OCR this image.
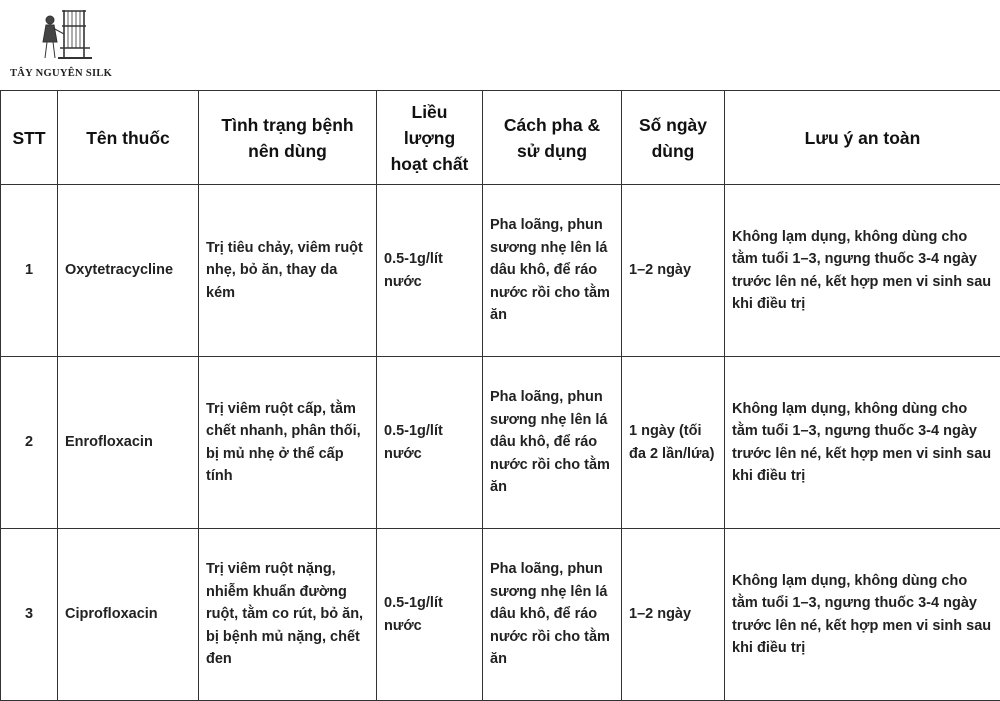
TÂY NGUYÊN SILK
STT	Tên thuốc	Tình trạng bệnh nên dùng	Liều lượng hoạt chất	Cách pha & sử dụng	Số ngày dùng	Lưu ý an toàn
1	Oxytetracycline	Trị tiêu chảy, viêm ruột nhẹ, bỏ ăn, thay da kém	0.5-1g/lít nước	Pha loãng, phun sương nhẹ lên lá dâu khô, để ráo nước rồi cho tằm ăn	1–2 ngày	Không lạm dụng, không dùng cho tằm tuổi 1–3, ngưng thuốc 3-4 ngày trước lên né, kết hợp men vi sinh sau khi điều trị
2	Enrofloxacin	Trị viêm ruột cấp, tằm chết nhanh, phân thối, bị mủ nhẹ ở thể cấp tính	0.5-1g/lít nước	Pha loãng, phun sương nhẹ lên lá dâu khô, để ráo nước rồi cho tằm ăn	1 ngày (tối đa 2 lần/lứa)	Không lạm dụng, không dùng cho tằm tuổi 1–3, ngưng thuốc 3-4 ngày trước lên né, kết hợp men vi sinh sau khi điều trị
3	Ciprofloxacin	Trị viêm ruột nặng, nhiễm khuẩn đường ruột, tằm co rút, bỏ ăn, bị bệnh mủ nặng, chết đen	0.5-1g/lít nước	Pha loãng, phun sương nhẹ lên lá dâu khô, để ráo nước rồi cho tằm ăn	1–2 ngày	Không lạm dụng, không dùng cho tằm tuổi 1–3, ngưng thuốc 3-4 ngày trước lên né, kết hợp men vi sinh sau khi điều trị
